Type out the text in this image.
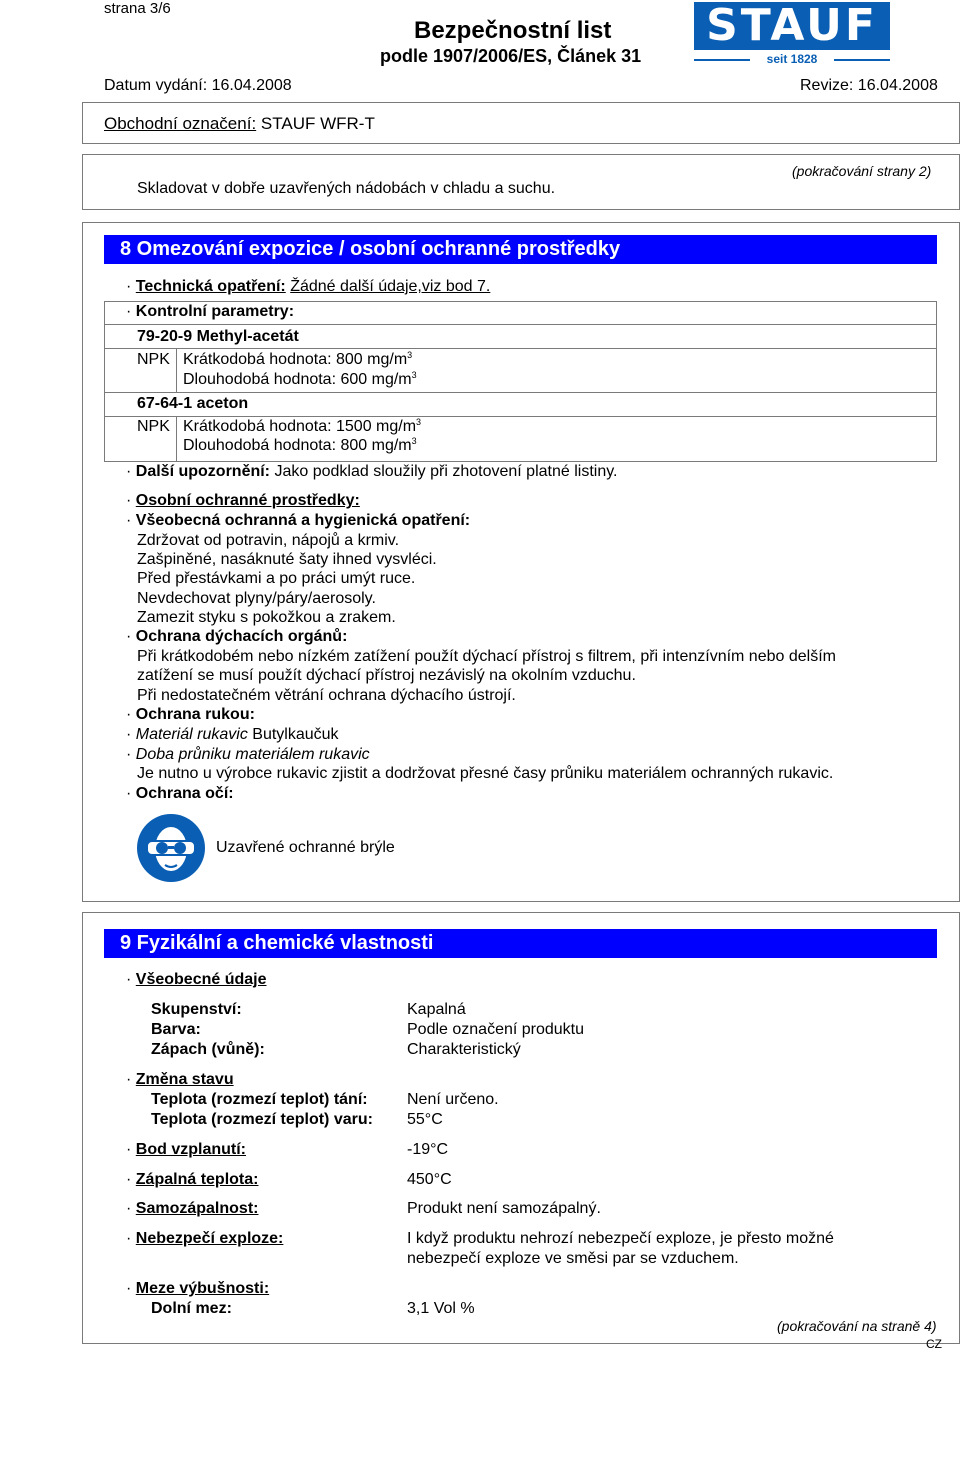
strana 3/6
Bezpečnostní list
podle 1907/2006/ES, Článek 31
STAUF
seit 1828
Datum vydání: 16.04.2008	Revize: 16.04.2008
Obchodní označení: STAUF WFR-T
(pokračování strany 2)
Skladovat v dobře uzavřených nádobách v chladu a suchu.
8 Omezování expozice / osobní ochranné prostředky
· Technická opatření: Žádné další údaje,viz bod 7.
· Kontrolní parametry:
79-20-9 Methyl-acetát
NPK Krátkodobá hodnota: 800 $mg/m^3$
Dlouhodobá hodnota: 600 $mg/m^3$
67-64-1 aceton
NPK Krátkodobá hodnota: 1500 $mg/m^3$
Dlouhodobá hodnota: 800 $mg/m^3$
· Další upozornění: Jako podklad sloužily při zhotovení platné listiny.
· Osobní ochranné prostředky:
· Všeobecná ochranná a hygienická opatření:
Zdržovat od potravin, nápojů a krmiv.
Zašpiněné, nasáknuté šaty ihned vysvléci.
Před přestávkami a po práci umýt ruce.
Nevdechovat plyny/páry/aerosoly.
Zamezit styku s pokožkou a zrakem.
· Ochrana dýchacích orgánů:
Při krátkodobém nebo nízkém zatížení použít dýchací přístroj s filtrem, při intenzívním nebo delším
zatížení se musí použít dýchací přístroj nezávislý na okolním vzduchu.
Při nedostatečném větrání ochrana dýchacího ústrojí.
· Ochrana rukou:
· Materiál rukavic Butylkaučuk
· Doba průniku materiálem rukavic
Je nutno u výrobce rukavic zjistit a dodržovat přesné časy průniku materiálem ochranných rukavic.
· Ochrana očí:
Uzavřené ochranné brýle
9 Fyzikální a chemické vlastnosti
· Všeobecné údaje
Skupenství:	Kapalná
Barva:	Podle označení produktu
Zápach (vůně):	Charakteristický
· Změna stavu
Teplota (rozmezí teplot) tání: Není určeno.
Teplota (rozmezí teplot) varu: 55°C
· Bod vzplanutí:	-19°C
· Zápalná teplota:	450°C
· Samozápalnost:	Produkt není samozápalný.
· Nebezpečí exploze:	I když produktu nehrozí nebezpečí exploze, je přesto možné
nebezpečí exploze ve směsi par se vzduchem.
· Meze výbušnosti:
Dolní mez:	3,1 Vol %
(pokračování na straně 4)
CZ
